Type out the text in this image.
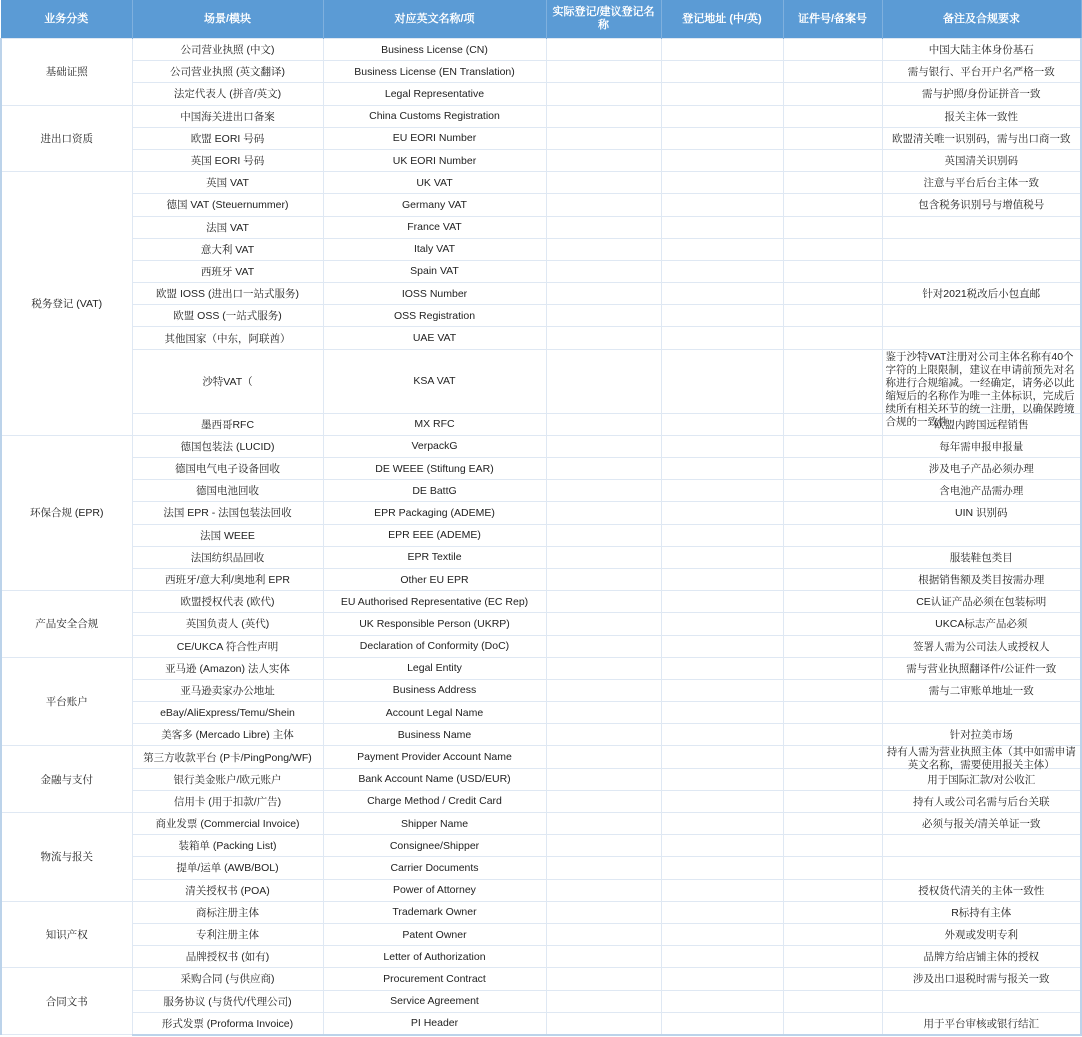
业务分类	场景/模块	对应英文名称/项	实际登记/建议登记名称	登记地址 (中/英)	证件号/备案号	备注及合规要求
基础证照	公司营业执照 (中文)	Business License (CN)				中国大陆主体身份基石
	公司营业执照 (英文翻译)	Business License (EN Translation)				需与银行、平台开户名严格一致
	法定代表人 (拼音/英文)	Legal Representative				需与护照/身份证拼音一致
进出口资质	中国海关进出口备案	China Customs Registration				报关主体一致性
	欧盟 EORI 号码	EU EORI Number				欧盟清关唯一识别码，需与出口商一致
	英国 EORI 号码	UK EORI Number				英国清关识别码
税务登记 (VAT)	英国 VAT	UK VAT				注意与平台后台主体一致
	德国 VAT (Steuernummer)	Germany VAT				包含税务识别号与增值税号
	法国 VAT	France VAT				
	意大利 VAT	Italy VAT				
	西班牙 VAT	Spain VAT				
	欧盟 IOSS (进出口一站式服务)	IOSS Number				针对2021税改后小包直邮
	欧盟 OSS (一站式服务)	OSS Registration				
	其他国家（中东，阿联酋）	UAE VAT				
	沙特VAT（	KSA VAT				鉴于沙特VAT注册对公司主体名称有40个字符的上限限制，建议在申请前预先对名称进行合规缩减。一经确定，请务必以此缩短后的名称作为唯一主体标识，完成后续所有相关环节的统一注册，以确保跨境合规的一致性

	墨西哥RFC	MX RFC				欧盟内跨国远程销售
环保合规 (EPR)	德国包装法 (LUCID)	VerpackG				每年需申报申报量
	德国电气电子设备回收	DE WEEE (Stiftung EAR)				涉及电子产品必须办理
	德国电池回收	DE BattG				含电池产品需办理
	法国 EPR - 法国包装法回收	EPR Packaging (ADEME)				UIN 识别码
	法国 WEEE	EPR EEE (ADEME)				
	法国纺织品回收	EPR Textile				服装鞋包类目
	西班牙/意大利/奥地利 EPR	Other EU EPR				根据销售额及类目按需办理
产品安全合规	欧盟授权代表 (欧代)	EU Authorised Representative (EC Rep)				CE认证产品必须在包装标明
	英国负责人 (英代)	UK Responsible Person (UKRP)				UKCA标志产品必须
	CE/UKCA 符合性声明	Declaration of Conformity (DoC)				签署人需为公司法人或授权人
平台账户	亚马逊 (Amazon) 法人实体	Legal Entity				需与营业执照翻译件/公证件一致
	亚马逊卖家办公地址	Business Address				需与二审账单地址一致
	eBay/AliExpress/Temu/Shein	Account Legal Name				
	美客多 (Mercado Libre) 主体	Business Name				针对拉美市场
金融与支付	第三方收款平台 (P卡/PingPong/WF)	Payment Provider Account Name				持有人需为营业执照主体（其中如需申请英文名称，需要使用报关主体）

	银行美金账户/欧元账户	Bank Account Name (USD/EUR)				用于国际汇款/对公收汇
	信用卡 (用于扣款/广告)	Charge Method / Credit Card				持有人或公司名需与后台关联
物流与报关	商业发票 (Commercial Invoice)	Shipper Name				必须与报关/清关单证一致
	装箱单 (Packing List)	Consignee/Shipper				
	提单/运单 (AWB/BOL)	Carrier Documents				
	清关授权书 (POA)	Power of Attorney				授权货代清关的主体一致性
知识产权	商标注册主体	Trademark Owner				R标持有主体
	专利注册主体	Patent Owner				外观或发明专利
	品牌授权书 (如有)	Letter of Authorization				品牌方给店铺主体的授权
合同文书	采购合同 (与供应商)	Procurement Contract				涉及出口退税时需与报关一致
	服务协议 (与货代/代理公司)	Service Agreement				
	形式发票 (Proforma Invoice)	PI Header				用于平台审核或银行结汇
